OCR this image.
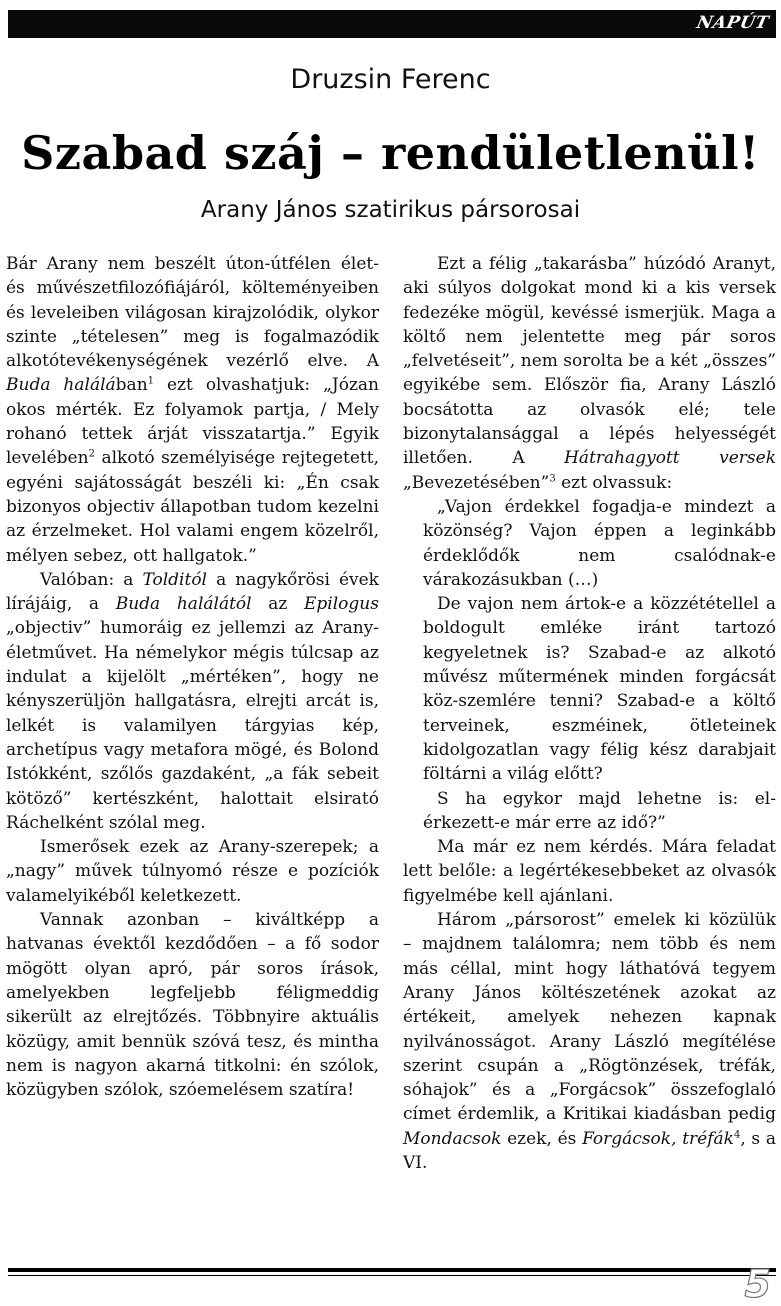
NAPÚT
Druzsin Ferenc
Szabad száj – rendületlenül!
Arany János szatirikus pársorosai

Bár Arany nem beszélt úton-útfélen élet- és művészetfilozófiájáról, költeményeiben és leveleiben világosan kirajzolódik, olykor szinte „tételesen” meg is fogalmazódik alkotótevékenységének vezérlő elve. A Buda halálában$^1$ ezt olvashatjuk: „Józan okos mérték. Ez folyamok partja, / Mely rohanó tettek árját visszatartja.” Egyik levelében$^2$ alkotó személyisége rejtegetett, egyéni sajátosságát beszéli ki: „Én csak bizonyos objectiv állapotban tudom kezelni az érzelmeket. Hol valami engem közelről, mélyen sebez, ott hallgatok.”

Valóban: a Tolditól a nagykőrösi évek lírájáig, a Buda halálától az Epilogus „objectiv” humoráig ez jellemzi az Arany-életművet. Ha némelykor mégis túlcsap az indulat a kijelölt „mértéken”, hogy ne kényszerüljön hallgatásra, elrejti arcát is, lelkét is valamilyen tárgyias kép, archetípus vagy metafora mögé, és Bolond Istókként, szőlős gazdaként, „a fák sebeit kötöző” kertészként, halottait elsirató Ráchelként szólal meg.

Ismerősek ezek az Arany-szerepek; a „nagy” művek túlnyomó része e pozíciók valamelyikéből keletkezett.

Vannak azonban – kiváltképp a hatvanas évektől kezdődően – a fő sodor mögött olyan apró, pár soros írások, amelyekben legfeljebb féligmeddig sikerült az elrejtőzés. Többnyire aktuális közügy, amit bennük szóvá tesz, és mintha nem is nagyon akarná titkolni: én szólok, közügyben szólok, szóemelésem szatíra!

Ezt a félig „takarásba” húzódó Aranyt, aki súlyos dolgokat mond ki a kis versek fedezéke mögül, kevéssé ismerjük. Maga a költő nem jelentette meg pár soros „felvetéseit”, nem sorolta be a két „összes” egyikébe sem. Először fia, Arany László bocsátotta az olvasók elé; tele bizonytalansággal a lépés helyességét illetően. A Hátrahagyott versek „Bevezetésében”$^3$ ezt olvassuk:

„Vajon érdekkel fogadja-e mindezt a közönség? Vajon éppen a leginkább érdeklődők nem csalódnak-e várakozásukban (…)

De vajon nem ártok-e a közzététellel a boldogult emléke iránt tartozó kegyeletnek is? Szabad-e az alkotó művész műtermének minden forgácsát köz-szemlére tenni? Szabad-e a költő terveinek, eszméinek, ötleteinek kidolgozatlan vagy félig kész darabjait föltárni a világ előtt?

S ha egykor majd lehetne is: elérkezett-e már erre az idő?”

Ma már ez nem kérdés. Mára feladat lett belőle: a legértékesebbeket az olvasók figyelmébe kell ajánlani.

Három „pársorost” emelek ki közülük – majdnem találomra; nem több és nem más céllal, mint hogy láthatóvá tegyem Arany János költészetének azokat az értékeit, amelyek nehezen kapnak nyilvánosságot. Arany László megítélése szerint csupán a „Rögtönzések, tréfák, sóhajok” és a „Forgácsok” összefoglaló címet érdemlik, a Kritikai kiadásban pedig Mondacsok ezek, és Forgácsok, tréfák$^4$, s a VI.

5
